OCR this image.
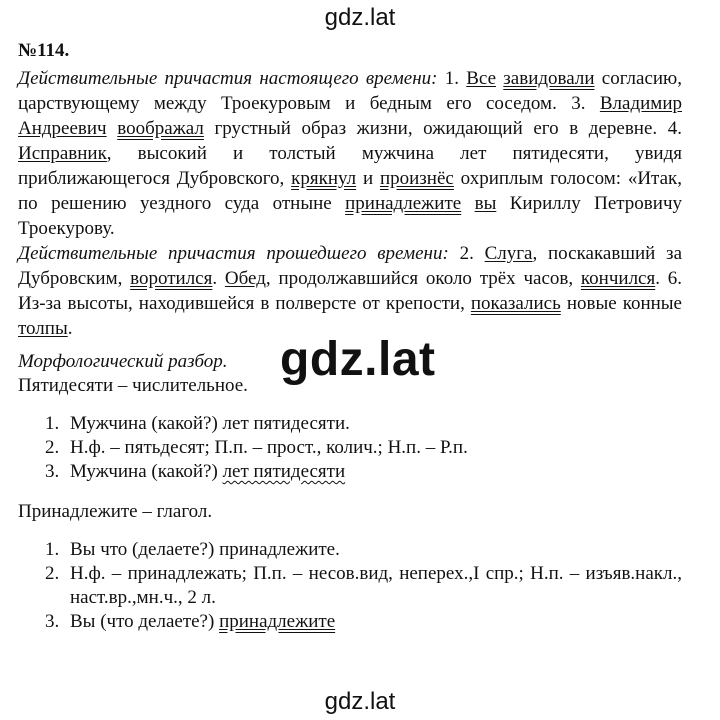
gdz.lat
№114.

Действительные причастия настоящего времени: 1. Все завидовали согласию, царствующему между Троекуровым и бедным его соседом. 3. Владимир Андреевич воображал грустный образ жизни, ожидающий его в деревне. 4. Исправник, высокий и толстый мужчина лет пятидесяти, увидя приближающегося Дубровского, крякнул и произнёс охриплым голосом: «Итак, по решению уездного суда отныне принадлежите вы Кириллу Петровичу Троекурову.

Действительные причастия прошедшего времени: 2. Слуга, поскакавший за Дубровским, воротился. Обед, продолжавшийся около трёх часов, кончился. 6. Из-за высоты, находившейся в полверсте от крепости, показались новые конные толпы.

Морфологический разбор.
Пятидесяти – числительное.
1. Мужчина (какой?) лет пятидесяти.
2. Н.ф. – пятьдесят; П.п. – прост., колич.; Н.п. – Р.п.
3. Мужчина (какой?) лет пятидесяти
Принадлежите – глагол.
1. Вы что (делаете?) принадлежите.
2. Н.ф. – принадлежать; П.п. – несов.вид, неперех.,I спр.; Н.п. – изъяв.накл., наст.вр.,мн.ч., 2 л.
3. Вы (что делаете?) принадлежите
gdz.lat
gdz.lat
